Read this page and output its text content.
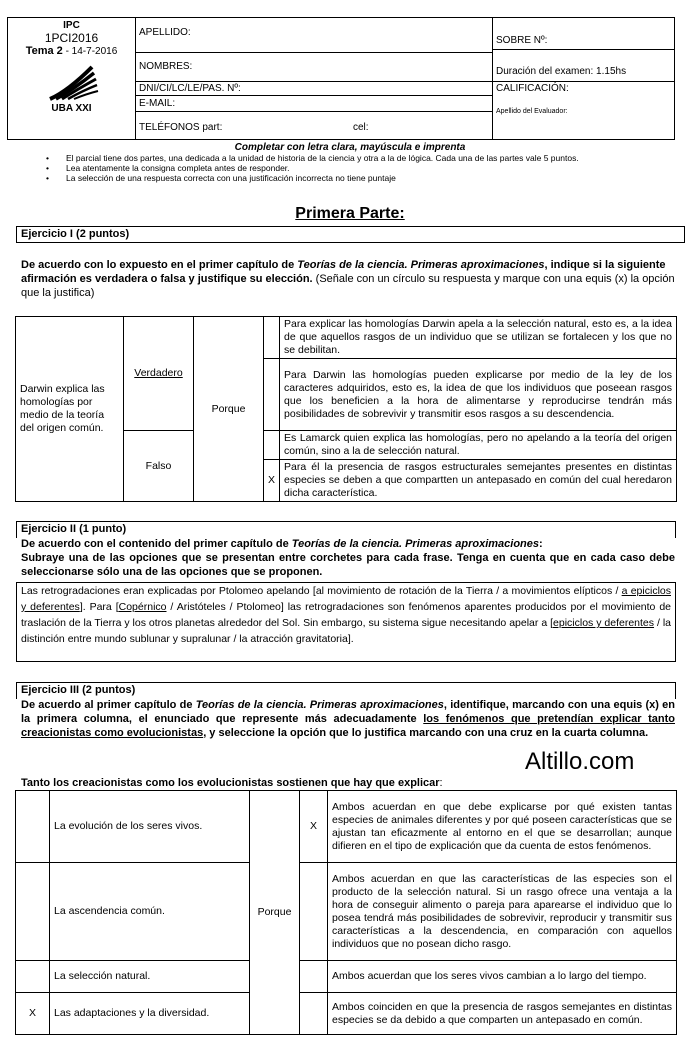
IPC
1PCI2016
Tema 2 - 14-7-2016
UBA XXI
APELLIDO:
NOMBRES:
DNI/CI/LC/LE/PAS. Nº:
E-MAIL:
TELÉFONOS part:	cel:
SOBRE Nº:
Duración del examen: 1.15hs
CALIFICACIÓN:
Apellido del Evaluador:
Completar con letra clara, mayúscula e imprenta
• El parcial tiene dos partes, una dedicada a la unidad de historia de la ciencia y otra a la de lógica. Cada una de las partes vale 5 puntos.
• Lea atentamente la consigna completa antes de responder.
• La selección de una respuesta correcta con una justificación incorrecta no tiene puntaje
Primera Parte:
Ejercicio I (2 puntos)
De acuerdo con lo expuesto en el primer capítulo de Teorías de la ciencia. Primeras aproximaciones, indique si la siguiente afirmación es verdadera o falsa y justifique su elección. (Señale con un círculo su respuesta y marque con una equis (x) la opción que la justifica)
Darwin explica las homologías por medio de la teoría del origen común.	Verdadero	Porque		Para explicar las homologías Darwin apela a la selección natural, esto es, a la idea de que aquellos rasgos de un individuo que se utilizan se fortalecen y los que no se debilitan.
				Para Darwin las homologías pueden explicarse por medio de la ley de los caracteres adquiridos, esto es, la idea de que los individuos que poseean rasgos que los beneficien a la hora de alimentarse y reproducirse tendrán más posibilidades de sobrevivir y transmitir esos rasgos a su descendencia.

	Falso			Es Lamarck quien explica las homologías, pero no apelando a la teoría del origen común, sino a la de selección natural.
			X	Para él la presencia de rasgos estructurales semejantes presentes en distintas especies se deben a que compartten un antepasado en común del cual heredaron dicha característica.
Ejercicio II (1 punto)
De acuerdo con el contenido del primer capítulo de Teorías de la ciencia. Primeras aproximaciones:
Subraye una de las opciones que se presentan entre corchetes para cada frase. Tenga en cuenta que en cada caso debe seleccionarse sólo una de las opciones que se proponen.
Las retrogradaciones eran explicadas por Ptolomeo apelando [al movimiento de rotación de la Tierra / a movimientos elípticos / a epiciclos y deferentes]. Para [Copérnico / Aristóteles / Ptolomeo] las retrogradaciones son fenómenos aparentes producidos por el movimiento de traslación de la Tierra y los otros planetas alrededor del Sol. Sin embargo, su sistema sigue necesitando apelar a [epiciclos y deferentes / la distinción entre mundo sublunar y supralunar / la atracción gravitatoria].
Ejercicio III (2 puntos)
De acuerdo al primer capítulo de Teorías de la ciencia. Primeras aproximaciones, identifique, marcando con una equis (x) en la primera columna, el enunciado que represente más adecuadamente los fenómenos que pretendían explicar tanto creacionistas como evolucionistas, y seleccione la opción que lo justifica marcando con una cruz en la cuarta columna.
Altillo.com
Tanto los creacionistas como los evolucionistas sostienen que hay que explicar:
	La evolución de los seres vivos.	Porque	X	Ambos acuerdan en que debe explicarse por qué existen tantas especies de animales diferentes y por qué poseen características que se ajustan tan eficazmente al entorno en el que se desarrollan; aunque difieren en el tipo de explicación que da cuenta de estos fenómenos.
	La ascendencia común.			Ambos acuerdan en que las características de las especies son el producto de la selección natural. Si un rasgo ofrece una ventaja a la hora de conseguir alimento o pareja para aparearse el individuo que lo posea tendrá más posibilidades de sobrevivir, reproducir y transmitir sus características a la descendencia, en comparación con aquellos individuos que no posean dicho rasgo.
	La selección natural.			Ambos acuerdan que los seres vivos cambian a lo largo del tiempo.
X	Las adaptaciones y la diversidad.			Ambos coinciden en que la presencia de rasgos semejantes en distintas especies se da debido a que comparten un antepasado en común.
